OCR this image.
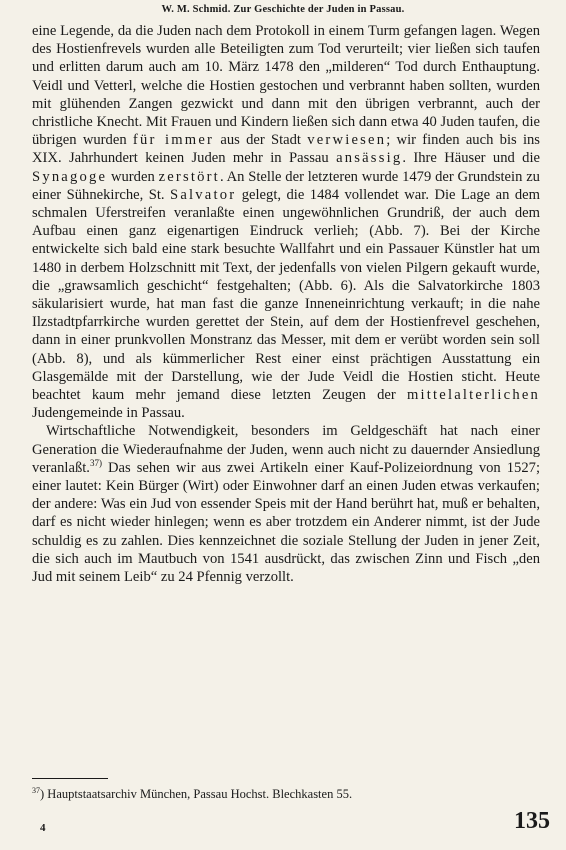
W. M. Schmid. Zur Geschichte der Juden in Passau.

eine Legende, da die Juden nach dem Protokoll in einem Turm gefangen lagen. Wegen des Hostienfrevels wurden alle Beteiligten zum Tod verurteilt; vier ließen sich taufen und erlitten darum auch am 10. März 1478 den „milderen“ Tod durch Enthauptung. Veidl und Vetterl, welche die Hostien gestochen und verbrannt haben sollten, wurden mit glühenden Zangen gezwickt und dann mit den übrigen verbrannt, auch der christliche Knecht. Mit Frauen und Kindern ließen sich dann etwa 40 Juden taufen, die übrigen wurden für immer aus der Stadt verwiesen; wir finden auch bis ins XIX. Jahrhundert keinen Juden mehr in Passau ansässig. Ihre Häuser und die Synagoge wurden zerstört. An Stelle der letzteren wurde 1479 der Grundstein zu einer Sühnekirche, St. Salvator gelegt, die 1484 vollendet war. Die Lage an dem schmalen Uferstreifen veranlaßte einen ungewöhnlichen Grundriß, der auch dem Aufbau einen ganz eigenartigen Eindruck verlieh; (Abb. 7). Bei der Kirche entwickelte sich bald eine stark besuchte Wallfahrt und ein Passauer Künstler hat um 1480 in derbem Holzschnitt mit Text, der jedenfalls von vielen Pilgern gekauft wurde, die „grawsamlich geschicht“ festgehalten; (Abb. 6). Als die Salvatorkirche 1803 säkularisiert wurde, hat man fast die ganze Inneneinrichtung verkauft; in die nahe Ilzstadtpfarrkirche wurden gerettet der Stein, auf dem der Hostienfrevel geschehen, dann in einer prunkvollen Monstranz das Messer, mit dem er verübt worden sein soll (Abb. 8), und als kümmerlicher Rest einer einst prächtigen Ausstattung ein Glasgemälde mit der Darstellung, wie der Jude Veidl die Hostien sticht. Heute beachtet kaum mehr jemand diese letzten Zeugen der mittelalterlichen Judengemeinde in Passau.

Wirtschaftliche Notwendigkeit, besonders im Geldgeschäft hat nach einer Generation die Wiederaufnahme der Juden, wenn auch nicht zu dauernder Ansiedlung veranlaßt.$^{37)}$ Das sehen wir aus zwei Artikeln einer Kauf-Polizeiordnung von 1527; einer lautet: Kein Bürger (Wirt) oder Einwohner darf an einen Juden etwas verkaufen; der andere: Was ein Jud von essender Speis mit der Hand berührt hat, muß er behalten, darf es nicht wieder hinlegen; wenn es aber trotzdem ein Anderer nimmt, ist der Jude schuldig es zu zahlen. Dies kennzeichnet die soziale Stellung der Juden in jener Zeit, die sich auch im Mautbuch von 1541 ausdrückt, das zwischen Zinn und Fisch „den Jud mit seinem Leib“ zu 24 Pfennig verzollt.

$^{37}$) Hauptstaatsarchiv München, Passau Hochst. Blechkasten 55.
4	135
